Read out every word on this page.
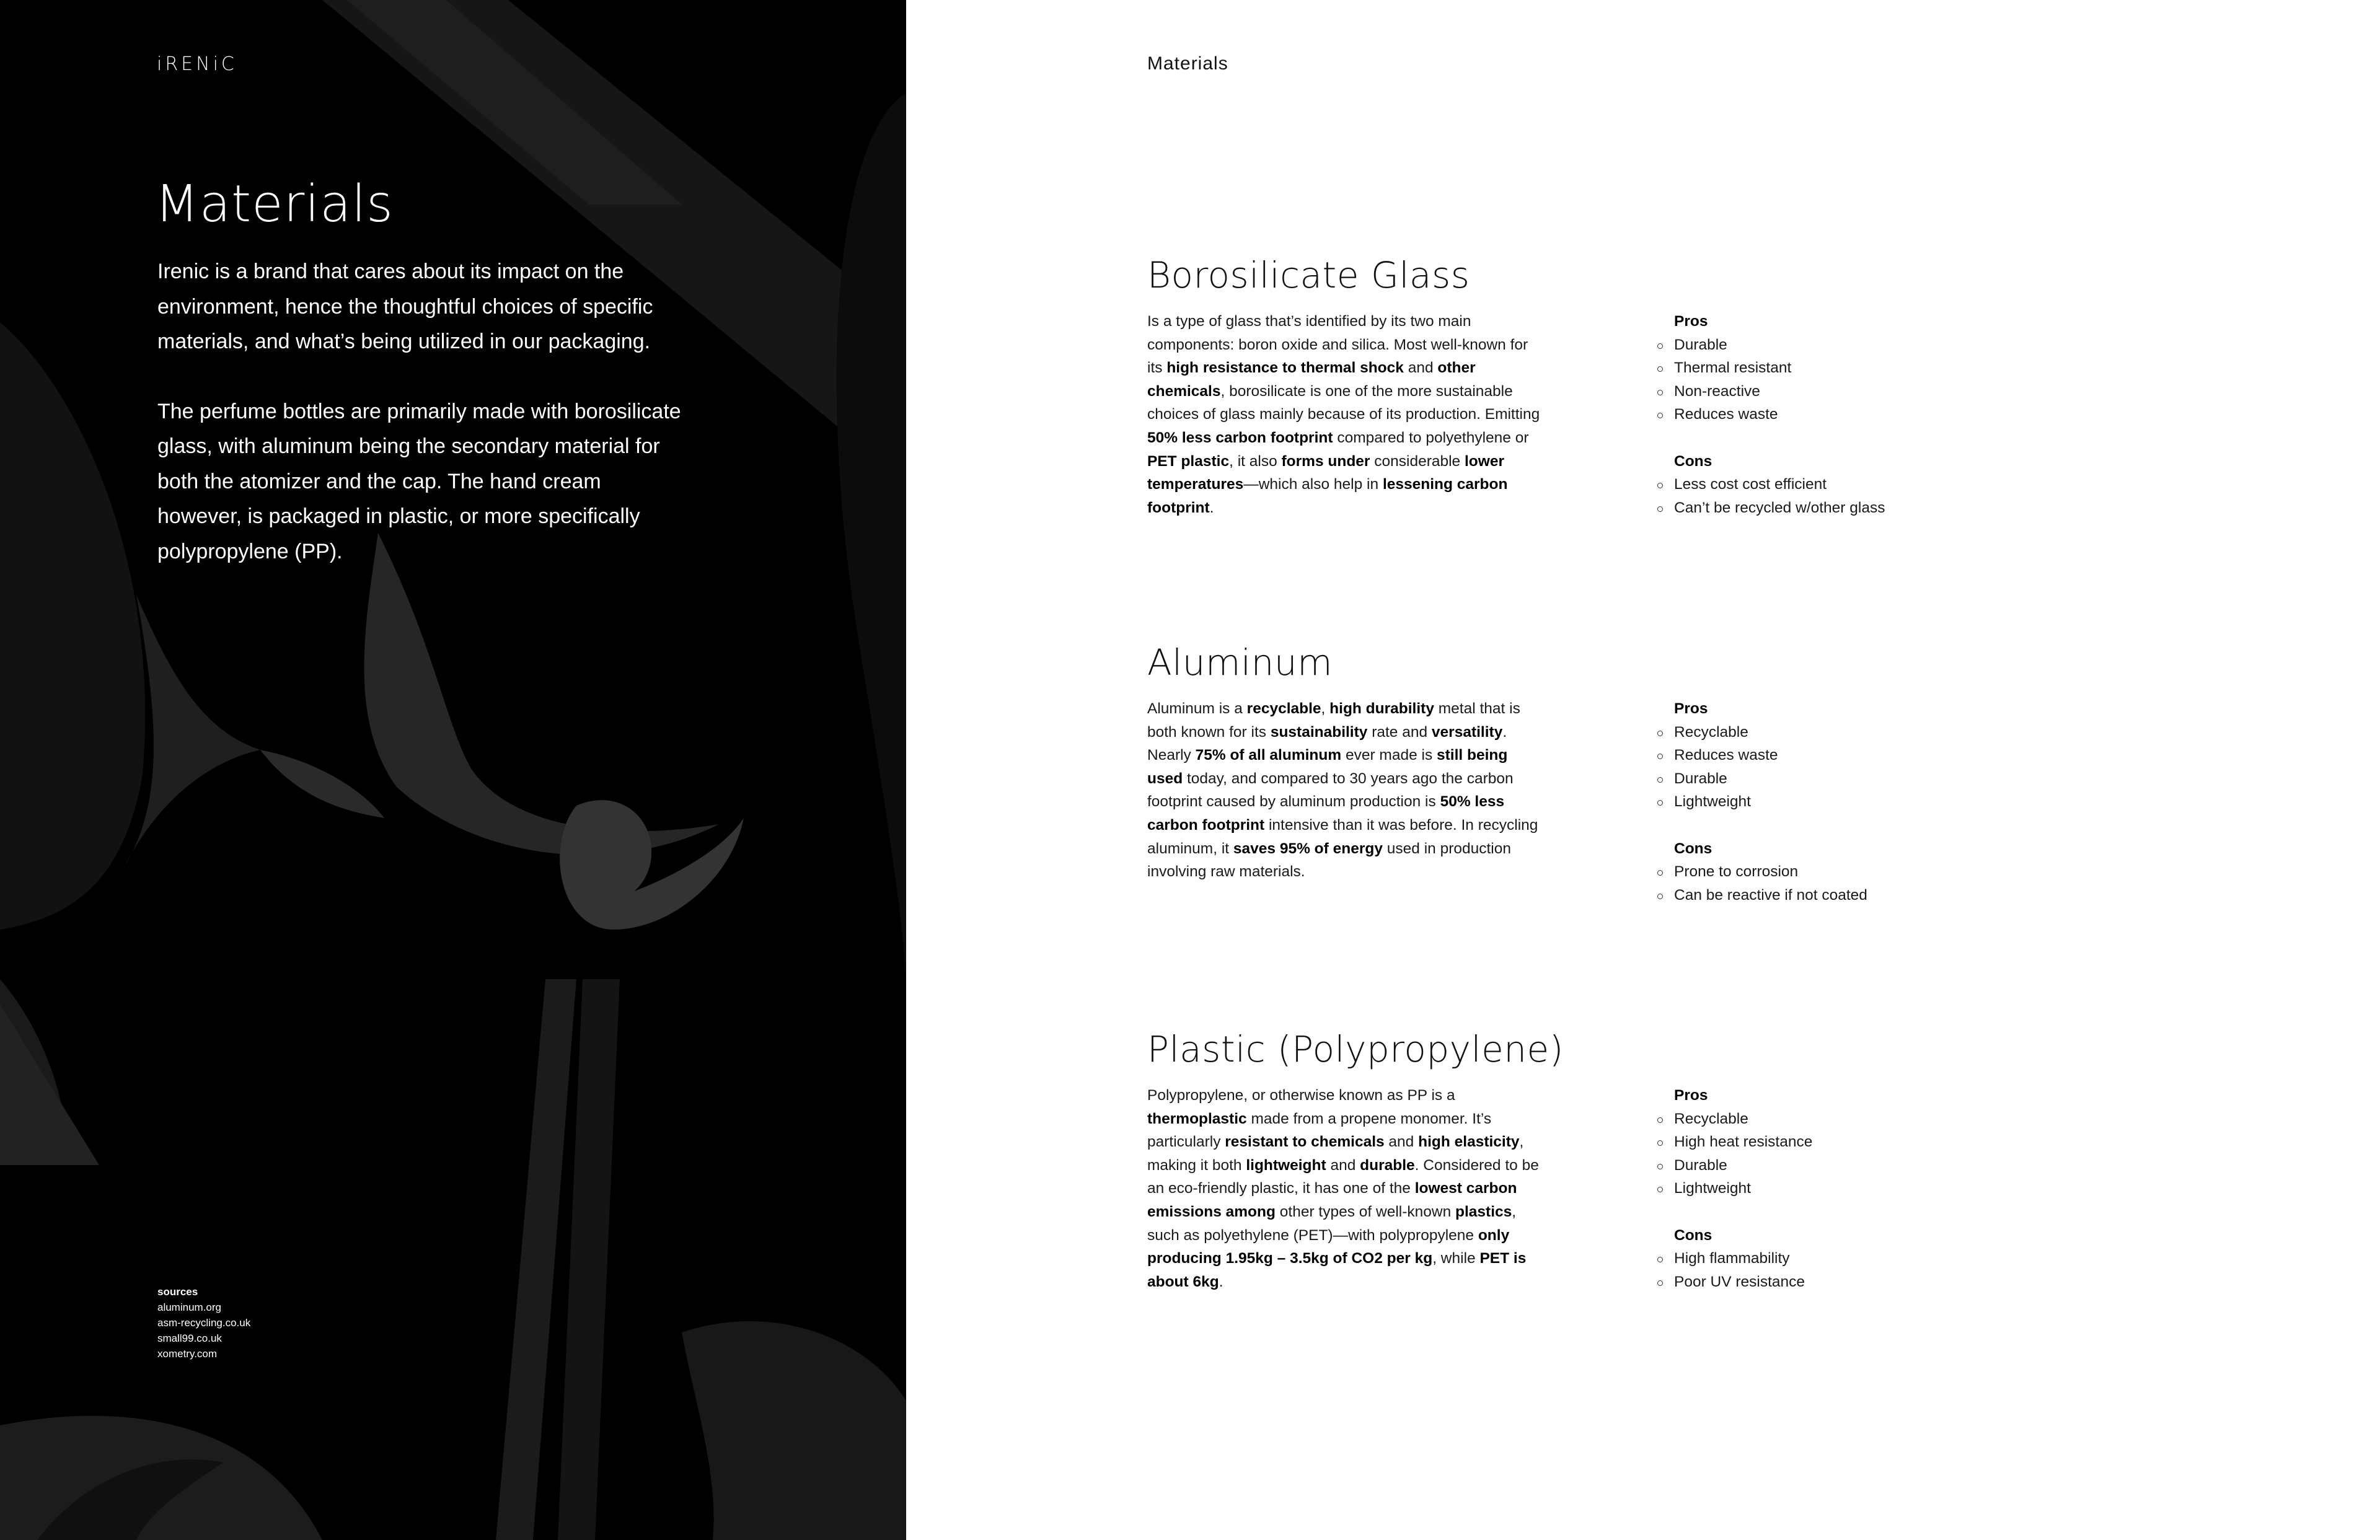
iRENiC
Materials

Irenic is a brand that cares about its impact on the environment, hence the thoughtful choices of specific materials, and what’s being utilized in our packaging.

The perfume bottles are primarily made with borosilicate glass, with aluminum being the secondary material for both the atomizer and the cap. The hand cream however, is packaged in plastic, or more specifically polypropylene (PP).

sources
aluminum.org
asm-recycling.co.uk
small99.co.uk
xometry.com
Materials
Borosilicate Glass
Is a type of glass that’s identified by its two main components: boron oxide and silica. Most well-known for its high resistance to thermal shock and other chemicals, borosilicate is one of the more sustainable choices of glass mainly because of its production. Emitting 50% less carbon footprint compared to polyethylene or PET plastic, it also forms under considerable lower temperatures—which also help in lessening carbon footprint.
Pros
Durable
Thermal resistant
Non-reactive
Reduces waste
Cons
Less cost cost efficient
Can’t be recycled w/other glass
Aluminum
Aluminum is a recyclable, high durability metal that is both known for its sustainability rate and versatility. Nearly 75% of all aluminum ever made is still being used today, and compared to 30 years ago the carbon footprint caused by aluminum production is 50% less carbon footprint intensive than it was before. In recycling aluminum, it saves 95% of energy used in production involving raw materials.
Pros
Recyclable
Reduces waste
Durable
Lightweight
Cons
Prone to corrosion
Can be reactive if not coated
Plastic (Polypropylene)
Polypropylene, or otherwise known as PP is a thermoplastic made from a propene monomer. It’s particularly resistant to chemicals and high elasticity, making it both lightweight and durable. Considered to be an eco-friendly plastic, it has one of the lowest carbon emissions among other types of well-known plastics, such as polyethylene (PET)—with polypropylene only producing 1.95kg – 3.5kg of CO2 per kg, while PET is about 6kg.
Pros
Recyclable
High heat resistance
Durable
Lightweight
Cons
High flammability
Poor UV resistance
